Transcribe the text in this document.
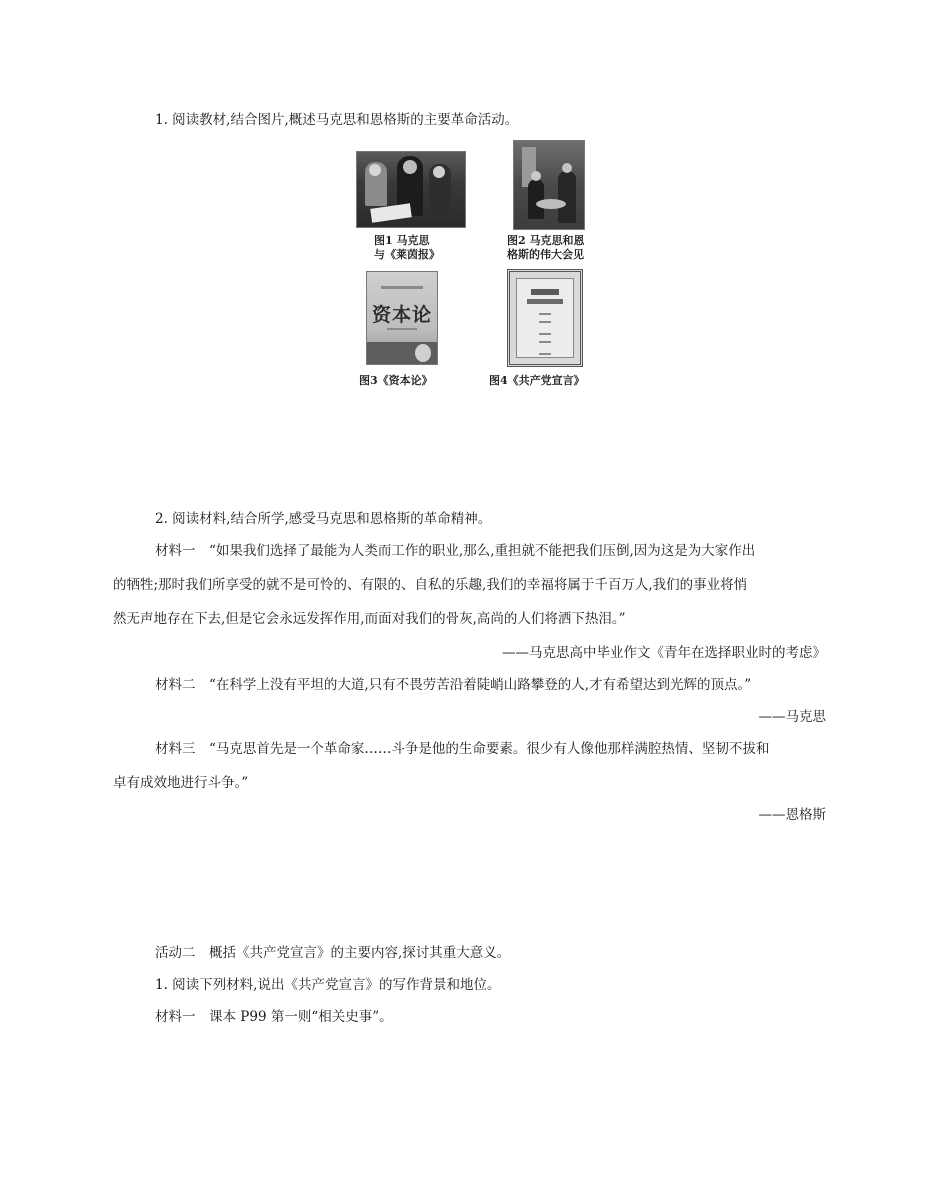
1. 阅读教材,结合图片,概述马克思和恩格斯的主要革命活动。
图1 马克思
与《莱茵报》
图2 马克思和恩
格斯的伟大会见
资本论
图3《资本论》	图4《共产党宣言》
2. 阅读材料,结合所学,感受马克思和恩格斯的革命精神。
材料一　“如果我们选择了最能为人类而工作的职业,那么,重担就不能把我们压倒,因为这是为大家作出
的牺牲;那时我们所享受的就不是可怜的、有限的、自私的乐趣,我们的幸福将属于千百万人,我们的事业将悄
然无声地存在下去,但是它会永远发挥作用,而面对我们的骨灰,高尚的人们将洒下热泪。”
——马克思高中毕业作文《青年在选择职业时的考虑》
材料二　“在科学上没有平坦的大道,只有不畏劳苦沿着陡峭山路攀登的人,才有希望达到光辉的顶点。”
——马克思
材料三　“马克思首先是一个革命家……斗争是他的生命要素。很少有人像他那样满腔热情、坚韧不拔和
卓有成效地进行斗争。”
——恩格斯
活动二　概括《共产党宣言》的主要内容,探讨其重大意义。
1. 阅读下列材料,说出《共产党宣言》的写作背景和地位。
材料一　课本 P99 第一则“相关史事”。
